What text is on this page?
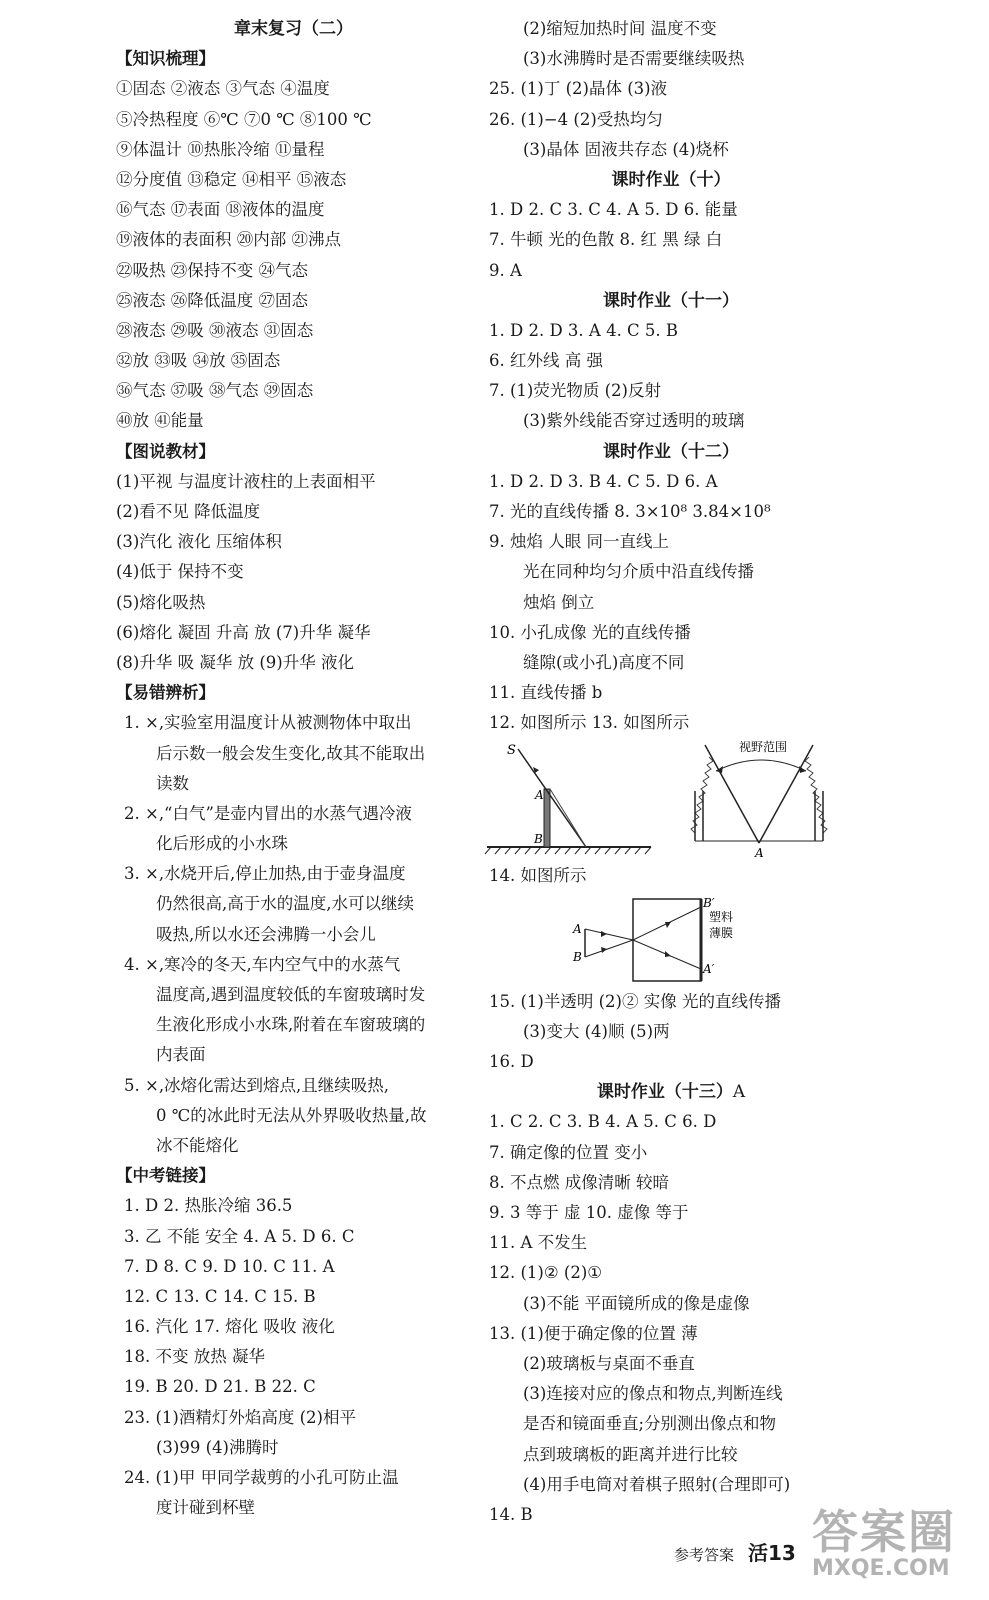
章末复习（二）
【知识梳理】
①固态 ②液态 ③气态 ④温度
⑤冷热程度 ⑥℃ ⑦0 ℃ ⑧100 ℃
⑨体温计 ⑩热胀冷缩 ⑪量程
⑫分度值 ⑬稳定 ⑭相平 ⑮液态
⑯气态 ⑰表面 ⑱液体的温度
⑲液体的表面积 ⑳内部 ㉑沸点
㉒吸热 ㉓保持不变 ㉔气态
㉕液态 ㉖降低温度 ㉗固态
㉘液态 ㉙吸 ㉚液态 ㉛固态
㉜放 ㉝吸 ㉞放 ㉟固态
㊱气态 ㊲吸 ㊳气态 ㊴固态
㊵放 ㊶能量
【图说教材】
(1)平视 与温度计液柱的上表面相平
(2)看不见 降低温度
(3)汽化 液化 压缩体积
(4)低于 保持不变
(5)熔化吸热
(6)熔化 凝固 升高 放 (7)升华 凝华
(8)升华 吸 凝华 放 (9)升华 液化
【易错辨析】
1. ×,实验室用温度计从被测物体中取出
后示数一般会发生变化,故其不能取出
读数
2. ×,“白气”是壶内冒出的水蒸气遇冷液
化后形成的小水珠
3. ×,水烧开后,停止加热,由于壶身温度
仍然很高,高于水的温度,水可以继续
吸热,所以水还会沸腾一小会儿
4. ×,寒冷的冬天,车内空气中的水蒸气
温度高,遇到温度较低的车窗玻璃时发
生液化形成小水珠,附着在车窗玻璃的
内表面
5. ×,冰熔化需达到熔点,且继续吸热,
0 ℃的冰此时无法从外界吸收热量,故
冰不能熔化
【中考链接】
1. D 2. 热胀冷缩 36.5
3. 乙 不能 安全 4. A 5. D 6. C
7. D 8. C 9. D 10. C 11. A
12. C 13. C 14. C 15. B
16. 汽化 17. 熔化 吸收 液化
18. 不变 放热 凝华
19. B 20. D 21. B 22. C
23. (1)酒精灯外焰高度 (2)相平
(3)99 (4)沸腾时
24. (1)甲 甲同学裁剪的小孔可防止温
度计碰到杯壁
(2)缩短加热时间 温度不变
(3)水沸腾时是否需要继续吸热
25. (1)丁 (2)晶体 (3)液
26. (1)−4 (2)受热均匀
(3)晶体 固液共存态 (4)烧杯
课时作业（十）
1. D 2. C 3. C 4. A 5. D 6. 能量
7. 牛顿 光的色散 8. 红 黑 绿 白
9. A
课时作业（十一）
1. D 2. D 3. A 4. C 5. B
6. 红外线 高 强
7. (1)荧光物质 (2)反射
(3)紫外线能否穿过透明的玻璃
课时作业（十二）
1. D 2. D 3. B 4. C 5. D 6. A
7. 光的直线传播 8. 3×10⁸ 3.84×10⁸
9. 烛焰 人眼 同一直线上
光在同种均匀介质中沿直线传播
烛焰 倒立
10. 小孔成像 光的直线传播
缝隙(或小孔)高度不同
11. 直线传播 b
12. 如图所示 13. 如图所示
S
A
B
视野范围
A
14. 如图所示
A
B
B′
A′
塑料
薄膜
15. (1)半透明 (2)② 实像 光的直线传播
(3)变大 (4)顺 (5)两
16. D
课时作业（十三）A
1. C 2. C 3. B 4. A 5. C 6. D
7. 确定像的位置 变小
8. 不点燃 成像清晰 较暗
9. 3 等于 虚 10. 虚像 等于
11. A 不发生
12. (1)② (2)①
(3)不能 平面镜所成的像是虚像
13. (1)便于确定像的位置 薄
(2)玻璃板与桌面不垂直
(3)连接对应的像点和物点,判断连线
是否和镜面垂直;分别测出像点和物
点到玻璃板的距离并进行比较
(4)用手电筒对着棋子照射(合理即可)
14. B	答案圈
MXQE.COM
参考答案 活13
